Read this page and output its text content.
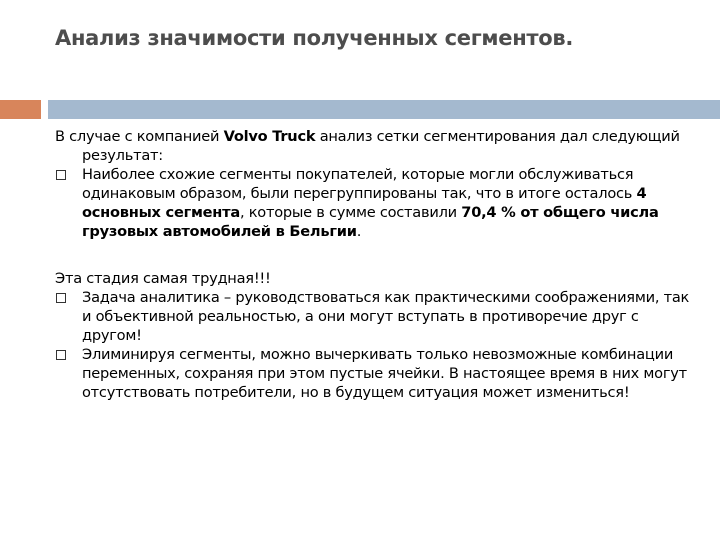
Анализ значимости полученных сегментов.
В случае с компанией Volvo Truck анализ сетки сегментирования дал следующий результат:
Наиболее схожие сегменты покупателей, которые могли обслуживаться одинаковым образом, были перегруппированы так, что в итоге осталось 4 основных сегмента, которые в сумме составили 70,4 % от общего числа грузовых автомобилей в Бельгии.
Эта стадия самая трудная!!!
Задача аналитика – руководствоваться как практическими соображениями, так и объективной реальностью, а они могут вступать в противоречие друг с другом!
Элиминируя сегменты, можно вычеркивать только невозможные комбинации переменных, сохраняя при этом пустые ячейки. В настоящее время в них могут отсутствовать потребители, но в будущем ситуация может измениться!
